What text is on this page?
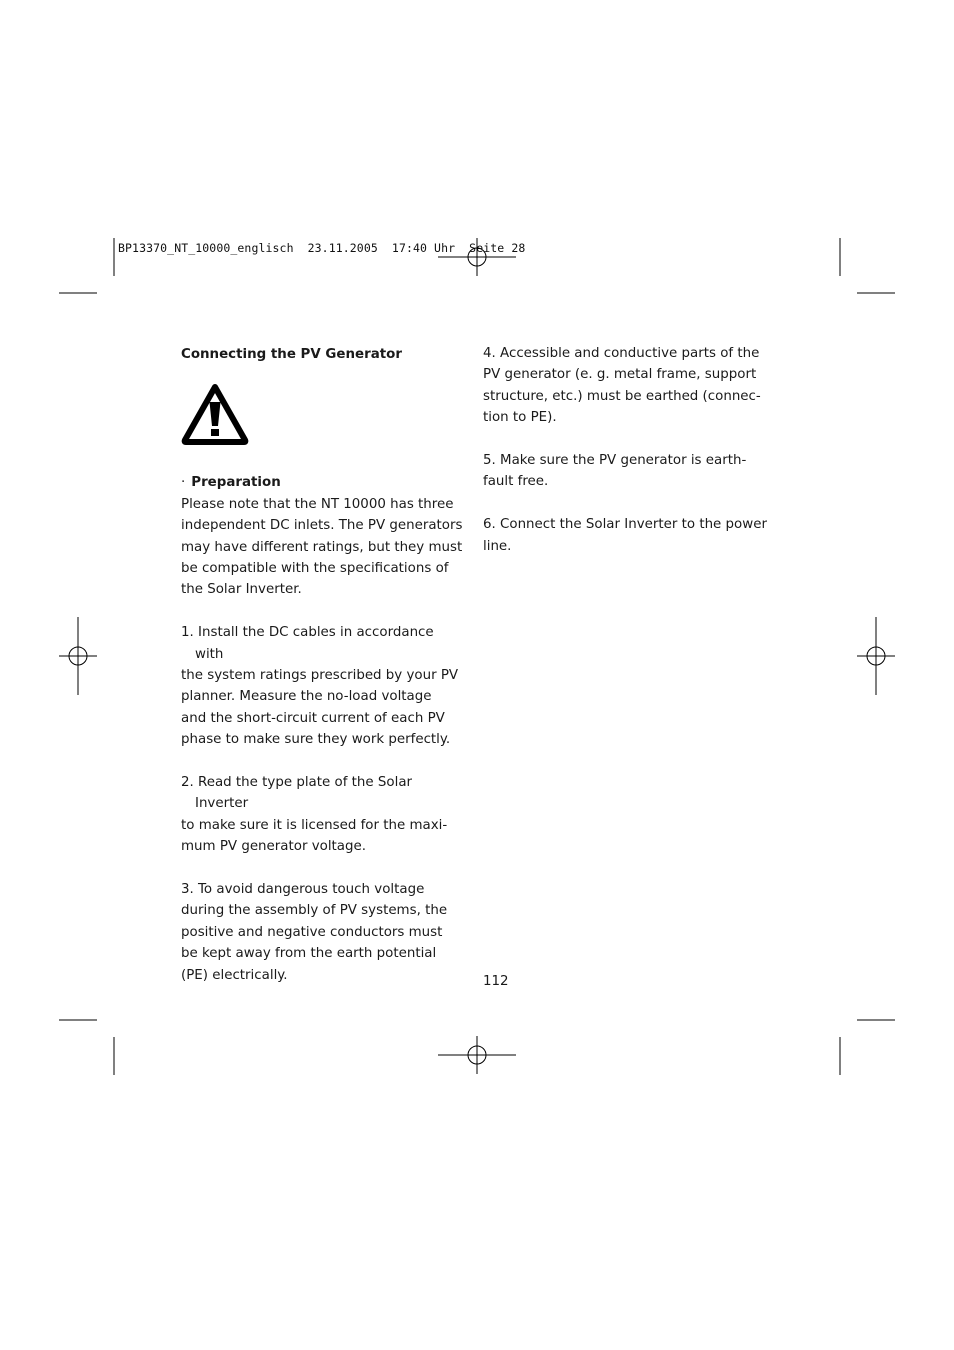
BP13370_NT_10000_englisch  23.11.2005  17:40 Uhr  Seite 28

Connecting the PV Generator

· Preparation

Please note that the NT 10000 has three
independent DC inlets. The PV generators
may have different ratings, but they must
be compatible with the specifications of
the Solar Inverter.

1. Install the DC cables in accordance with
the system ratings prescribed by your PV
planner. Measure the no-load voltage
and the short-circuit current of each PV
phase to make sure they work perfectly.
2. Read the type plate of the Solar Inverter
to make sure it is licensed for the maxi-
mum PV generator voltage.
3. To avoid dangerous touch voltage
during the assembly of PV systems, the
positive and negative conductors must
be kept away from the earth potential
(PE) electrically.
4. Accessible and conductive parts of the
PV generator (e. g. metal frame, support
structure, etc.) must be earthed (connec-
tion to PE).
5. Make sure the PV generator is earth-
fault free.
6. Connect the Solar Inverter to the power
line.
112
